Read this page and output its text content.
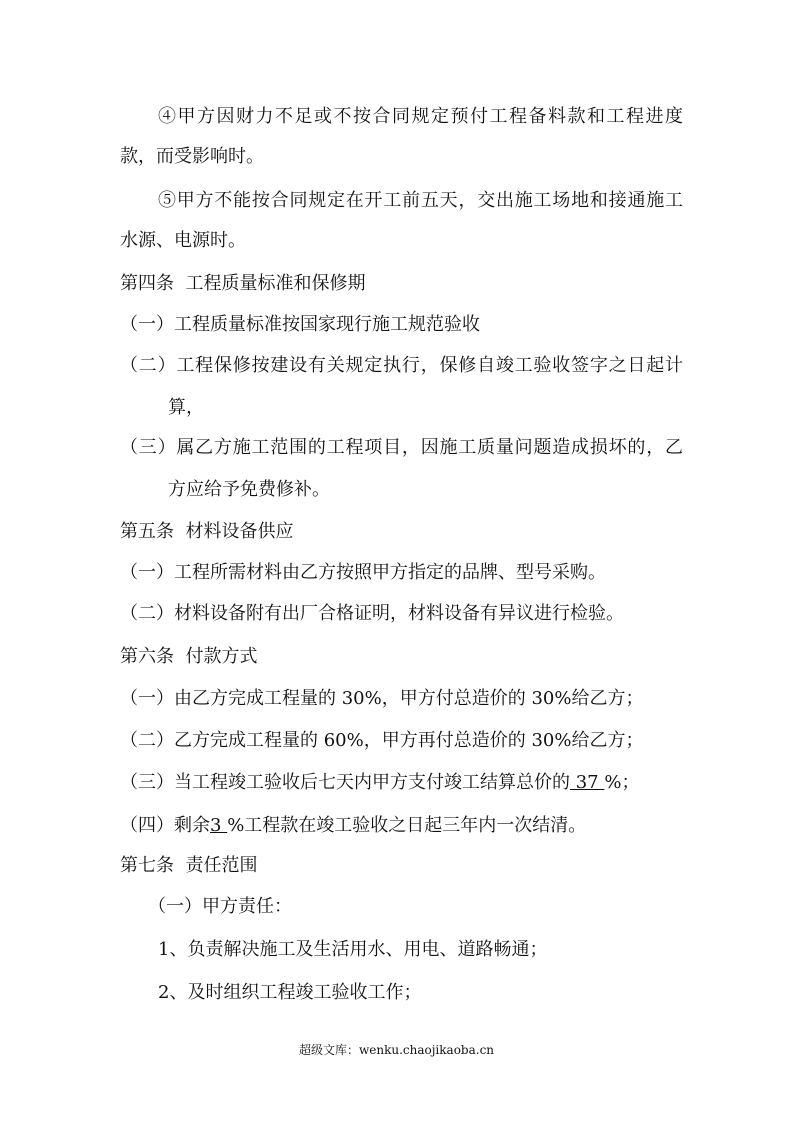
④甲方因财力不足或不按合同规定预付工程备料款和工程进度
款，而受影响时。
⑤甲方不能按合同规定在开工前五天，交出施工场地和接通施工
水源、电源时。
第四条  工程质量标准和保修期
（一）工程质量标准按国家现行施工规范验收
（二）工程保修按建设有关规定执行，保修自竣工验收签字之日起计
算，
（三）属乙方施工范围的工程项目，因施工质量问题造成损坏的，乙
方应给予免费修补。
第五条  材料设备供应
（一）工程所需材料由乙方按照甲方指定的品牌、型号采购。
（二）材料设备附有出厂合格证明，材料设备有异议进行检验。
第六条  付款方式
（一）由乙方完成工程量的 30%，甲方付总造价的 30%给乙方；
（二）乙方完成工程量的 60%，甲方再付总造价的 30%给乙方；
（三）当工程竣工验收后七天内甲方支付竣工结算总价的 37 %；
（四）剩余3 %工程款在竣工验收之日起三年内一次结清。
第七条  责任范围
（一）甲方责任：
1、负责解决施工及生活用水、用电、道路畅通；
2、及时组织工程竣工验收工作；
超级文库：wenku.chaojikaoba.cn
